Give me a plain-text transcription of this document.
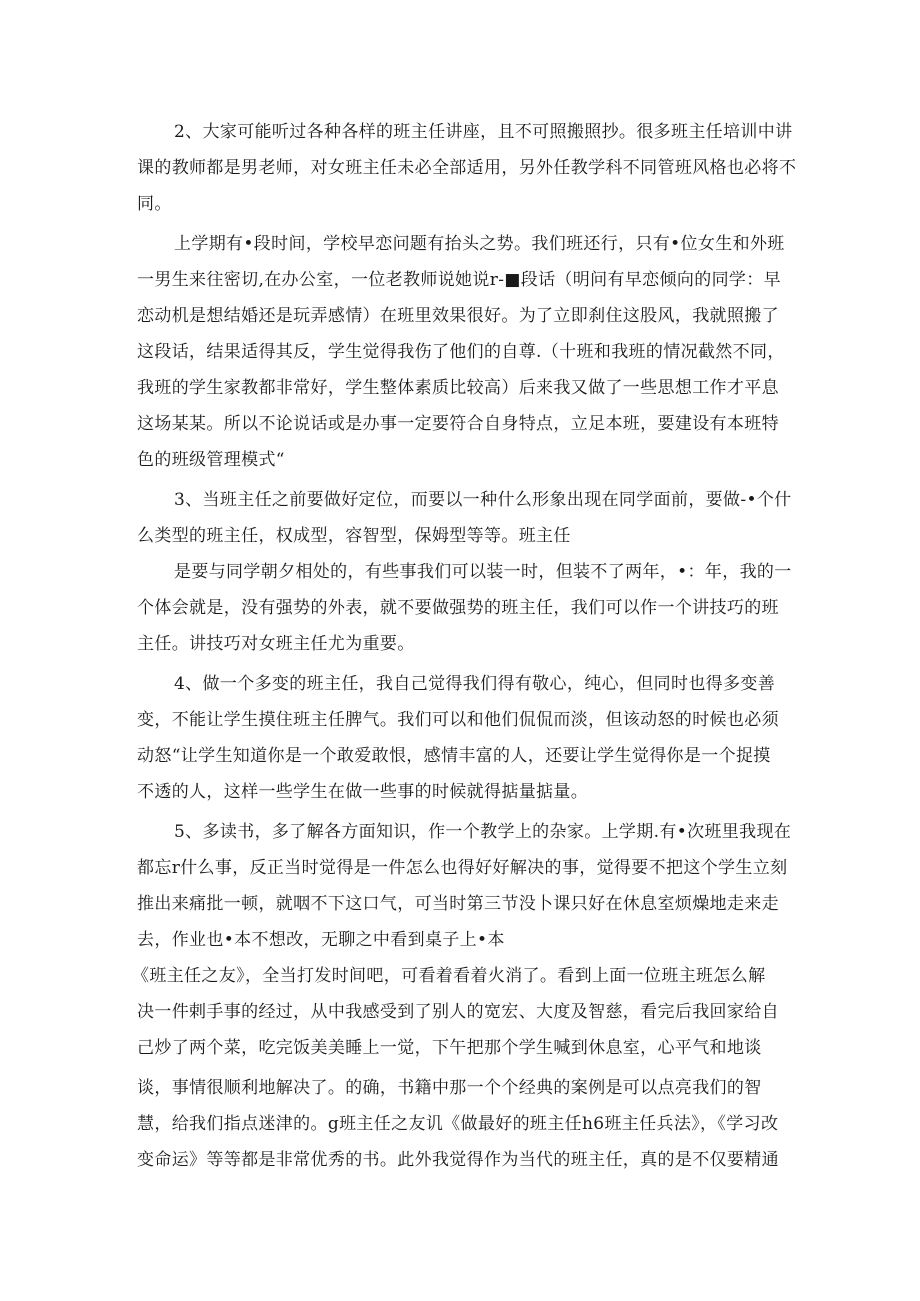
2、大家可能听过各种各样的班主任讲座，且不可照搬照抄。很多班主任培训中讲
课的教师都是男老师，对女班主任未必全部适用，另外任教学科不同管班风格也必将不
同。
上学期有•段时间，学校早恋问题有抬头之势。我们班还行，只有•位女生和外班
一男生来往密切,在办公室，一位老教师说她说r-■段话（明问有早恋倾向的同学：早
恋动机是想结婚还是玩弄感情）在班里效果很好。为了立即刹住这股风，我就照搬了
这段话，结果适得其反，学生觉得我伤了他们的自尊.（十班和我班的情况截然不同，
我班的学生家教都非常好，学生整体素质比较高）后来我又做了一些思想工作才平息
这场某某。所以不论说话或是办事一定要符合自身特点，立足本班，要建设有本班特
色的班级管理模式“
3、当班主任之前要做好定位，而要以一种什么形象出现在同学面前，要做-•个什
么类型的班主任，权成型，容智型，保姆型等等。班主任
是要与同学朝夕相处的，有些事我们可以装一时，但装不了两年，•：年，我的一
个体会就是，没有强势的外表，就不要做强势的班主任，我们可以作一个讲技巧的班
主任。讲技巧对女班主任尤为重要。
4、做一个多变的班主任，我自己觉得我们得有敬心，纯心，但同时也得多变善
变，不能让学生摸住班主任脾气。我们可以和他们侃侃而淡，但该动怒的时候也必须
动怒“让学生知道你是一个敢爱敢恨，感情丰富的人，还要让学生觉得你是一个捉摸
不透的人，这样一些学生在做一些事的时候就得掂量掂量。
5、多读书，多了解各方面知识，作一个教学上的杂家。上学期.有•次班里我现在
都忘r什么事，反正当时觉得是一件怎么也得好好解决的事，觉得要不把这个学生立刻
推出来痛批一顿，就咽不下这口气，可当时第三节没卜课只好在休息室烦燥地走来走
去，作业也•本不想改，无聊之中看到桌子上•本
《班主任之友》，全当打发时间吧，可看着看着火消了。看到上面一位班主班怎么解
决一件剌手事的经过，从中我感受到了别人的宽宏、大度及智慈，看完后我回家给自
己炒了两个菜，吃完饭美美睡上一觉，下午把那个学生喊到休息室，心平气和地谈
谈，事情很顺利地解决了。的确，书籍中那一个个经典的案例是可以点亮我们的智
慧，给我们指点迷津的。g班主任之友讥《做最好的班主任h6班主任兵法》，《学习改
变命运》等等都是非常优秀的书。此外我觉得作为当代的班主任，真的是不仅要精通
